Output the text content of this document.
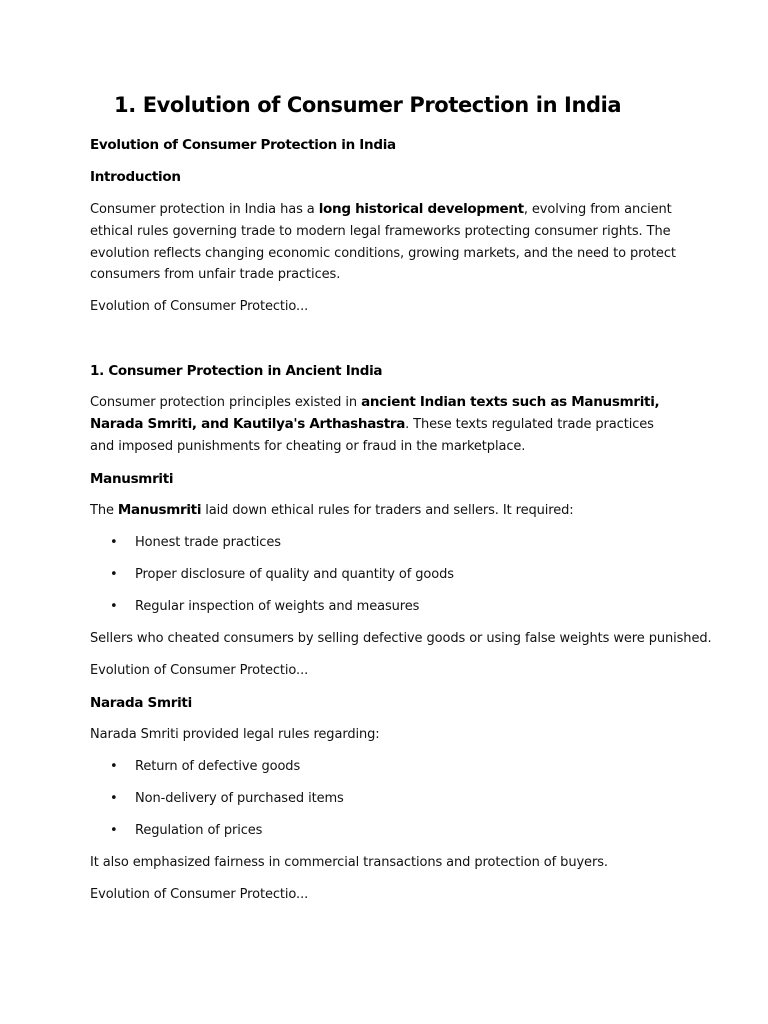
1. Evolution of Consumer Protection in India
Evolution of Consumer Protection in India
Introduction

Consumer protection in India has a long historical development, evolving from ancient ethical rules governing trade to modern legal frameworks protecting consumer rights. The evolution reflects changing economic conditions, growing markets, and the need to protect consumers from unfair trade practices.

Evolution of Consumer Protectio...
1. Consumer Protection in Ancient India

Consumer protection principles existed in ancient Indian texts such as Manusmriti, Narada Smriti, and Kautilya's Arthashastra. These texts regulated trade practices and imposed punishments for cheating or fraud in the marketplace.

Manusmriti

The Manusmriti laid down ethical rules for traders and sellers. It required:

•	Honest trade practices
•	Proper disclosure of quality and quantity of goods
•	Regular inspection of weights and measures
Sellers who cheated consumers by selling defective goods or using false weights were punished.
Evolution of Consumer Protectio...
Narada Smriti
Narada Smriti provided legal rules regarding:
•	Return of defective goods
•	Non-delivery of purchased items
•	Regulation of prices
It also emphasized fairness in commercial transactions and protection of buyers.
Evolution of Consumer Protectio...
